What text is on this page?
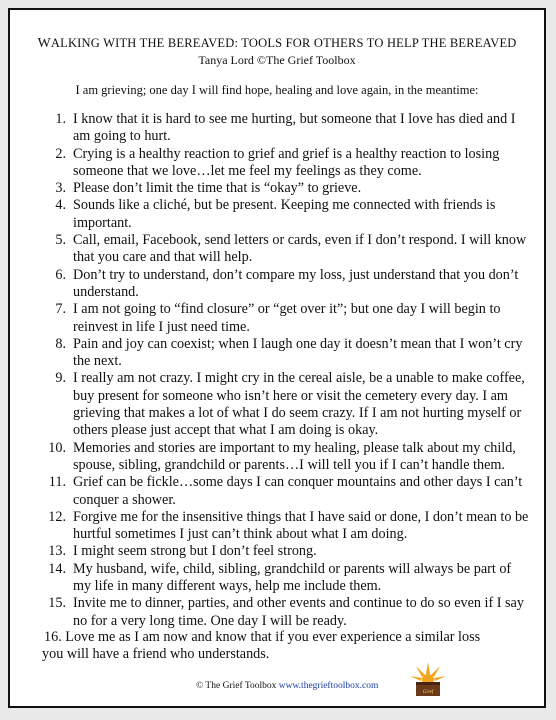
WALKING WITH THE BEREAVED: TOOLS FOR OTHERS TO HELP THE BEREAVED
Tanya Lord ©The Grief Toolbox
I am grieving; one day I will find hope, healing and love again, in the meantime:
1. I know that it is hard to see me hurting, but someone that I love has died and I am going to hurt.
2. Crying is a healthy reaction to grief and grief is a healthy reaction to losing someone that we love…let me feel my feelings as they come.
3. Please don’t limit the time that is “okay” to grieve.
4. Sounds like a cliché, but be present. Keeping me connected with friends is important.
5. Call, email, Facebook, send letters or cards, even if I don’t respond. I will know that you care and that will help.
6. Don’t try to understand, don’t compare my loss, just understand that you don’t understand.
7. I am not going to “find closure” or “get over it”; but one day I will begin to reinvest in life I just need time.
8. Pain and joy can coexist; when I laugh one day it doesn’t mean that I won’t cry the next.
9. I really am not crazy. I might cry in the cereal aisle, be a unable to make coffee, buy present for someone who isn’t here or visit the cemetery every day. I am grieving that makes a lot of what I do seem crazy. If I am not hurting myself or others please just accept that what I am doing is okay.
10. Memories and stories are important to my healing, please talk about my child, spouse, sibling, grandchild or parents…I will tell you if I can’t handle them.
11. Grief can be fickle…some days I can conquer mountains and other days I can’t conquer a shower.
12. Forgive me for the insensitive things that I have said or done, I don’t mean to be hurtful sometimes I just can’t think about what I am doing.
13. I might seem strong but I don’t feel strong.
14. My husband, wife, child, sibling, grandchild or parents will always be part of my life in many different ways, help me include them.
15. Invite me to dinner, parties, and other events and continue to do so even if I say no for a very long time. One day I will be ready.
16. Love me as I am now and know that if you ever experience a similar loss
you will have a friend who understands.
© The Grief Toolbox www.thegrieftoolbox.com
Grief
